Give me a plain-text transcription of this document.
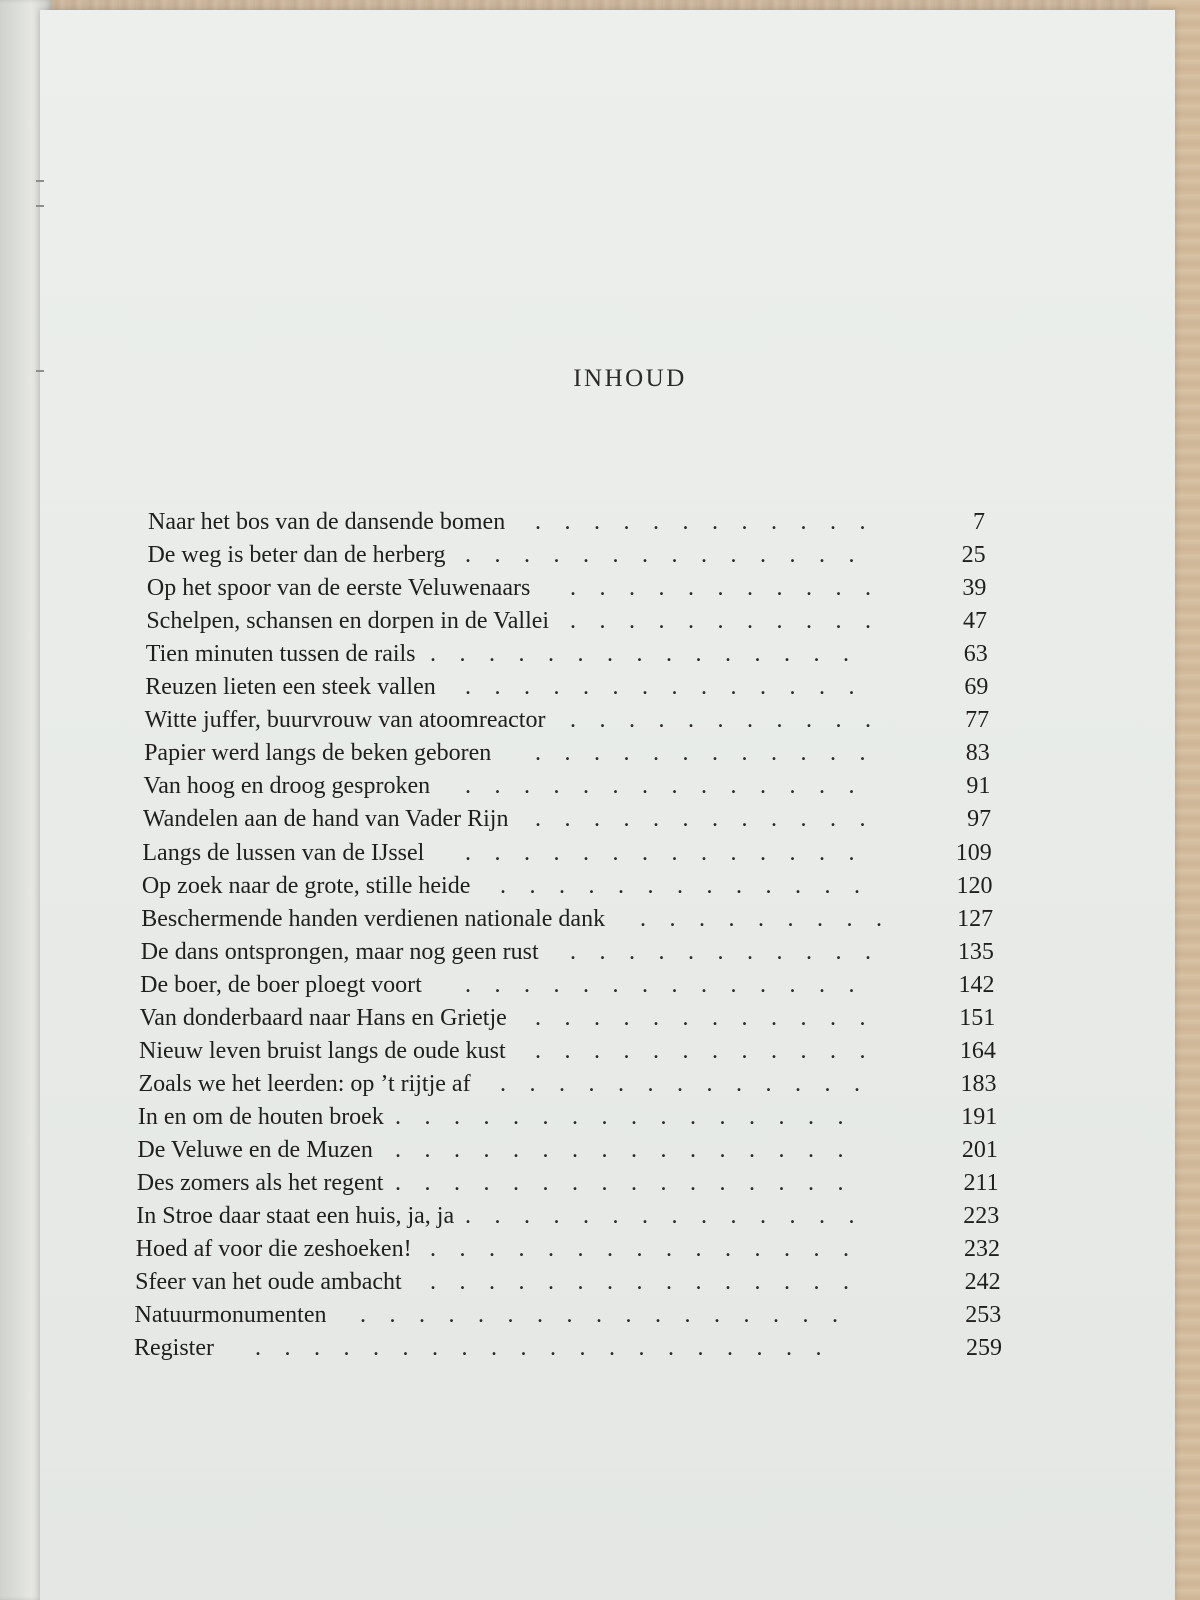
INHOUD
Naar het bos van de dansende bomen ............	7
De weg is beter dan de herberg ..............	25
Op het spoor van de eerste Veluwenaars ...........	39
Schelpen, schansen en dorpen in de Vallei ...........	47
Tien minuten tussen de rails ...............	63
Reuzen lieten een steek vallen ..............	69
Witte juffer, buurvrouw van atoomreactor ...........	77
Papier werd langs de beken geboren ............	83
Van hoog en droog gesproken ..............	91
Wandelen aan de hand van Vader Rijn ............	97
Langs de lussen van de IJssel ..............	109
Op zoek naar de grote, stille heide .............	120
Beschermende handen verdienen nationale dank .........	127
De dans ontsprongen, maar nog geen rust ...........	135
De boer, de boer ploegt voort ..............	142
Van donderbaard naar Hans en Grietje ............	151
Nieuw leven bruist langs de oude kust ............	164
Zoals we het leerden: op ’t rijtje af .............	183
In en om de houten broek ................	191
De Veluwe en de Muzen ................	201
Des zomers als het regent ................	211
In Stroe daar staat een huis, ja, ja ..............	223
Hoed af voor die zeshoeken! ...............	232
Sfeer van het oude ambacht ...............	242
Natuurmonumenten .................	253
Register ....................	259
